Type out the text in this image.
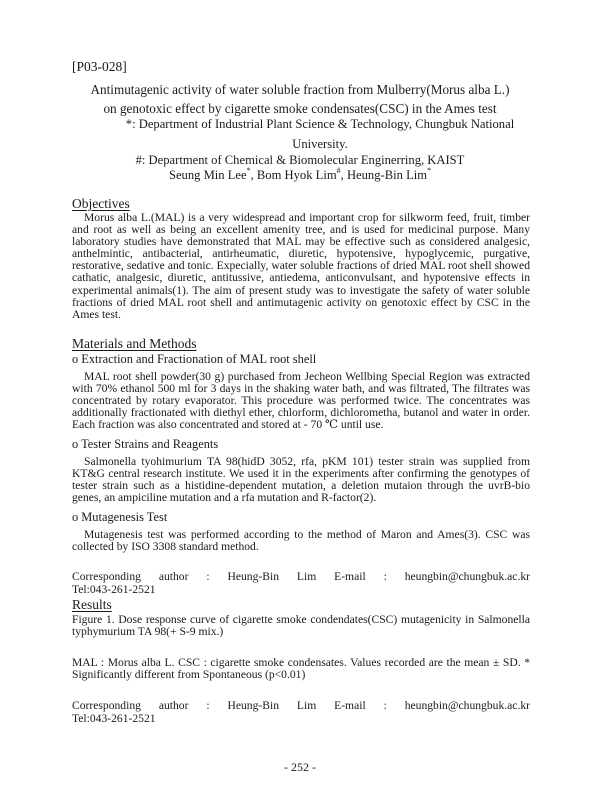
[P03-028]
Antimutagenic activity of water soluble fraction from Mulberry(Morus alba L.)
on genotoxic effect by cigarette smoke condensates(CSC) in the Ames test
*: Department of Industrial Plant Science & Technology, Chungbuk National University.
#: Department of Chemical & Biomolecular Enginerring, KAIST
Seung Min Lee*, Bom Hyok Lim#, Heung-Bin Lim*
Objectives
Morus alba L.(MAL) is a very widespread and important crop for silkworm feed, fruit, timber and root as well as being an excellent amenity tree, and is used for medicinal purpose. Many laboratory studies have demonstrated that MAL may be effective such as considered analgesic, anthelmintic, antibacterial, antirheumatic, diuretic, hypotensive, hypoglycemic, purgative, restorative, sedative and tonic. Expecially, water soluble fractions of dried MAL root shell showed cathatic, analgesic, diuretic, antitussive, antiedema, anticonvulsant, and hypotensive effects in experimental animals(1). The aim of present study was to investigate the safety of water soluble fractions of dried MAL root shell and antimutagenic activity on genotoxic effect by CSC in the Ames test.
Materials and Methods
o Extraction and Fractionation of MAL root shell
MAL root shell powder(30 g) purchased from Jecheon Wellbing Special Region was extracted with 70% ethanol 500 ml for 3 days in the shaking water bath, and was filtrated, The filtrates was concentrated by rotary evaporator. This procedure was performed twice. The concentrates was additionally fractionated with diethyl ether, chlorform, dichlorometha, butanol and water in order. Each fraction was also concentrated and stored at - 70 ℃ until use.
o Tester Strains and Reagents
Salmonella tyohimurium TA 98(hidD 3052, rfa, pKM 101) tester strain was supplied from KT&G central research institute. We used it in the experiments after confirming the genotypes of tester strain such as a histidine-dependent mutation, a deletion mutaion through the uvrB-bio genes, an ampiciline mutation and a rfa mutation and R-factor(2).
o Mutagenesis Test
Mutagenesis test was performed according to the method of Maron and Ames(3). CSC was collected by ISO 3308 standard method.
Corresponding author : Heung-Bin Lim E-mail : heungbin@chungbuk.ac.kr
Tel:043-261-2521
Results
Figure 1. Dose response curve of cigarette smoke condendates(CSC) mutagenicity in Salmonella typhymurium TA 98(+ S-9 mix.)
MAL : Morus alba L. CSC : cigarette smoke condensates. Values recorded are the mean ± SD. * Significantly different from Spontaneous (p<0.01)
Corresponding author : Heung-Bin Lim E-mail : heungbin@chungbuk.ac.kr
Tel:043-261-2521
- 252 -
